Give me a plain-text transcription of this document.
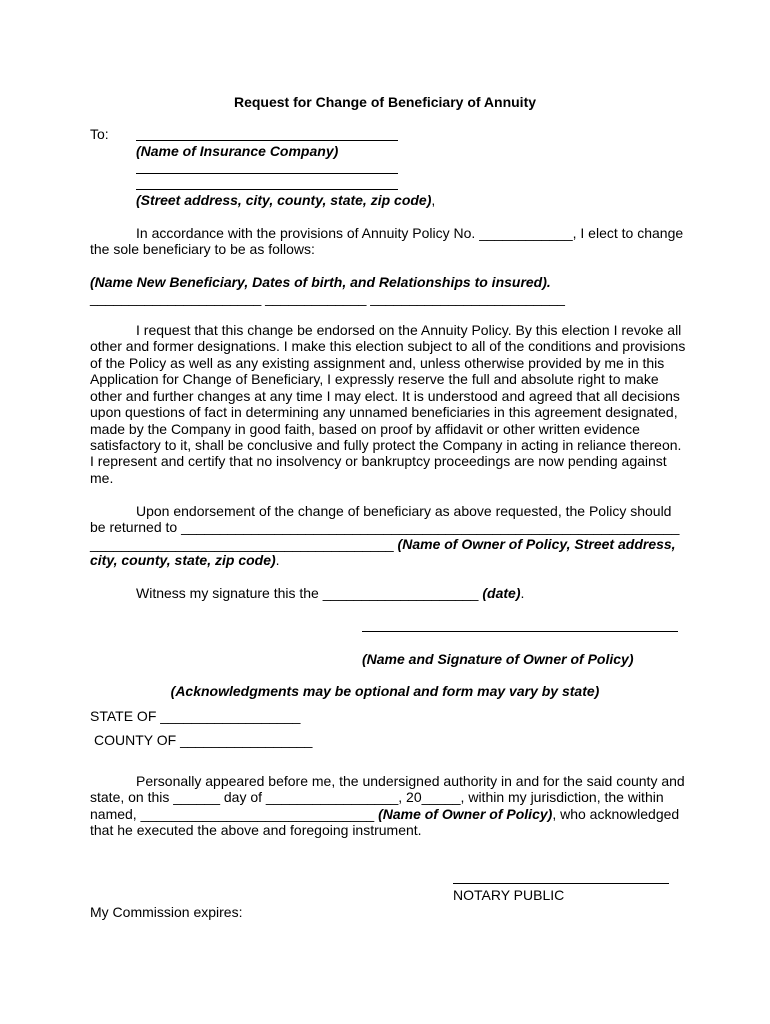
Request for Change of Beneficiary of Annuity
To:
(Name of Insurance Company)
(Street address, city, county, state, zip code),
In accordance with the provisions of Annuity Policy No. ____________, I elect to change
the sole beneficiary to be as follows:
(Name New Beneficiary, Dates of birth, and Relationships to insured).
______________________ _____________ _________________________
I request that this change be endorsed on the Annuity Policy. By this election I revoke all
other and former designations. I make this election subject to all of the conditions and provisions
of the Policy as well as any existing assignment and, unless otherwise provided by me in this
Application for Change of Beneficiary, I expressly reserve the full and absolute right to make
other and further changes at any time I may elect. It is understood and agreed that all decisions
upon questions of fact in determining any unnamed beneficiaries in this agreement designated,
made by the Company in good faith, based on proof by affidavit or other written evidence
satisfactory to it, shall be conclusive and fully protect the Company in acting in reliance thereon.
I represent and certify that no insolvency or bankruptcy proceedings are now pending against
me.
Upon endorsement of the change of beneficiary as above requested, the Policy should
be returned to ________________________________________________________________
_______________________________________ (Name of Owner of Policy, Street address,
city, county, state, zip code).
Witness my signature this the ____________________ (date).
(Name and Signature of Owner of Policy)
(Acknowledgments may be optional and form may vary by state)
STATE OF __________________
COUNTY OF _________________
Personally appeared before me, the undersigned authority in and for the said county and
state, on this ______ day of _________________, 20_____, within my jurisdiction, the within
named, ______________________________ (Name of Owner of Policy), who acknowledged
that he executed the above and foregoing instrument.
NOTARY PUBLIC
My Commission expires:
